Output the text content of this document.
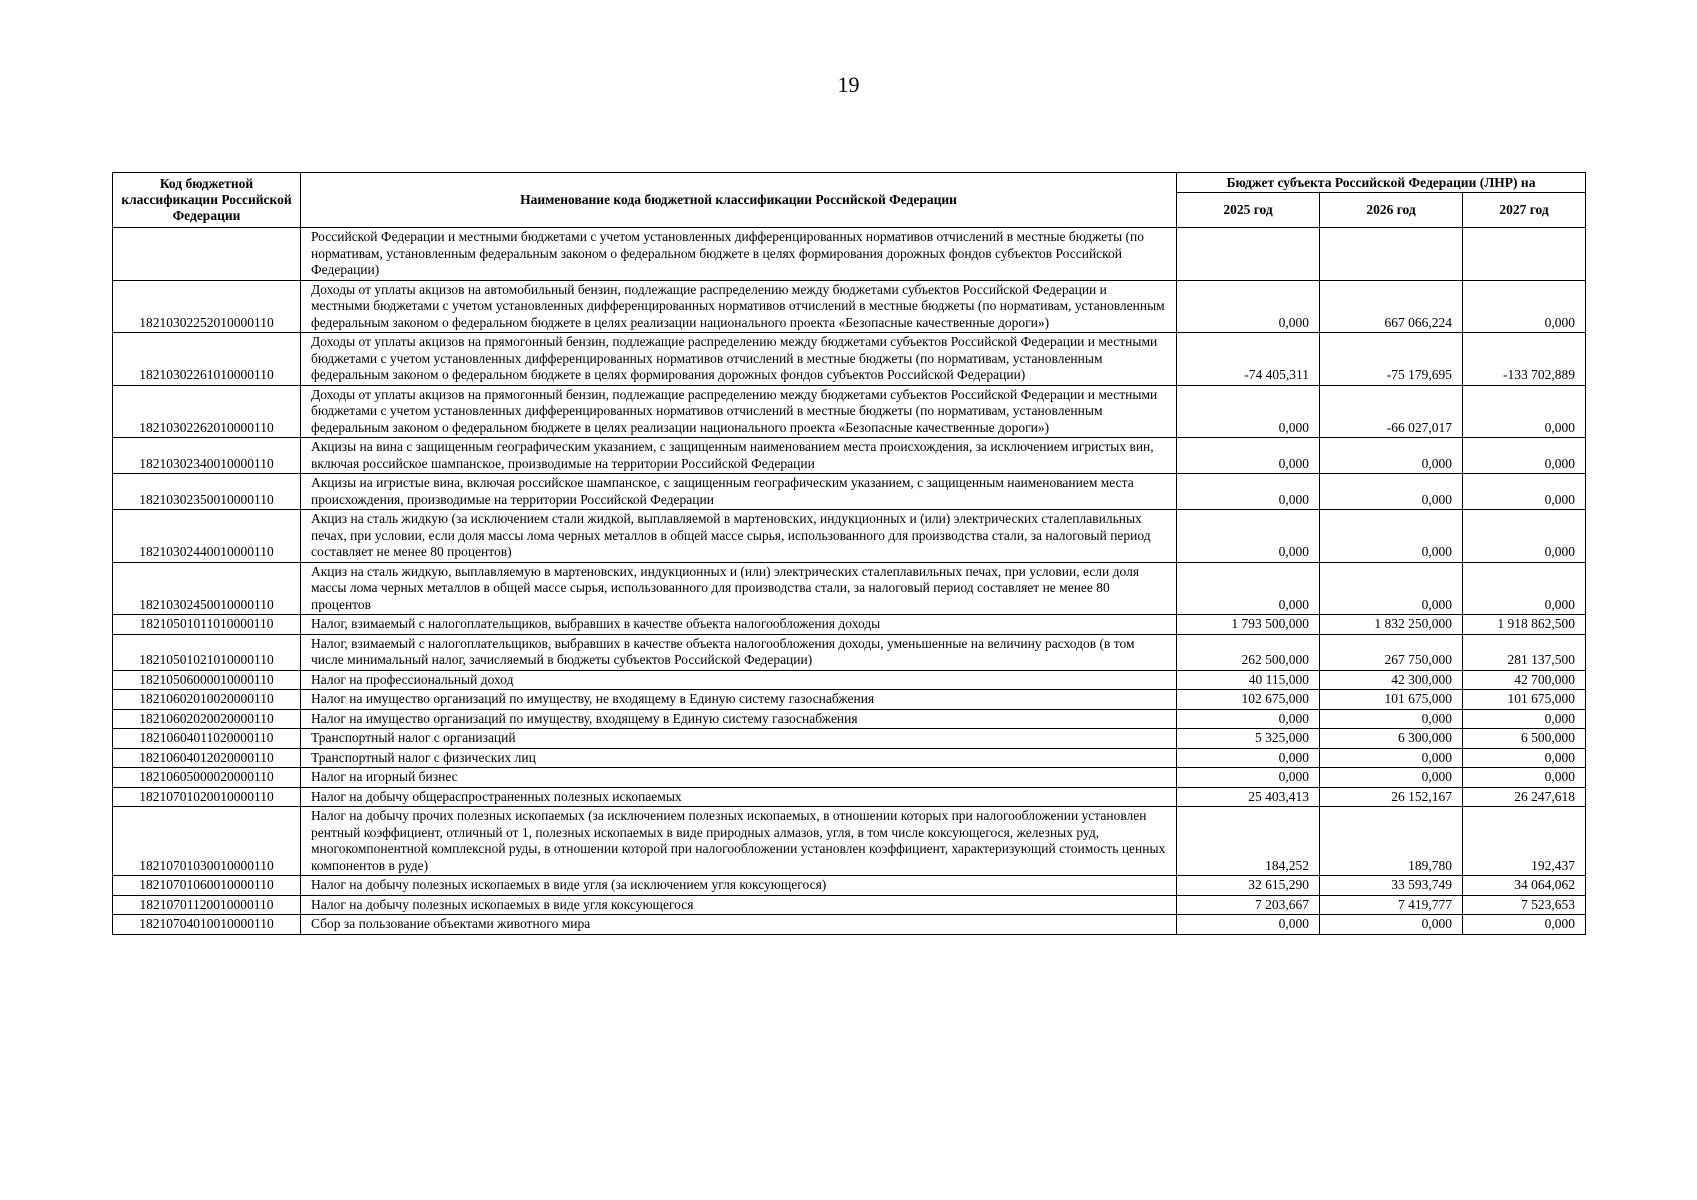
19
Код бюджетной классификации Российской Федерации	Наименование кода бюджетной классификации Российской Федерации	Бюджет субъекта Российской Федерации (ЛНР) на		
		2025 год	2026 год	2027 год
	Российской Федерации и местными бюджетами с учетом установленных дифференцированных нормативов отчислений в местные бюджеты (по нормативам, установленным федеральным законом о федеральном бюджете в целях формирования дорожных фондов субъектов Российской Федерации)			
18210302252010000110	Доходы от уплаты акцизов на автомобильный бензин, подлежащие распределению между бюджетами субъектов Российской Федерации и местными бюджетами с учетом установленных дифференцированных нормативов отчислений в местные бюджеты (по нормативам, установленным федеральным законом о федеральном бюджете в целях реализации национального проекта «Безопасные качественные дороги»)	0,000	667 066,224	0,000
18210302261010000110	Доходы от уплаты акцизов на прямогонный бензин, подлежащие распределению между бюджетами субъектов Российской Федерации и местными бюджетами с учетом установленных дифференцированных нормативов отчислений в местные бюджеты (по нормативам, установленным федеральным законом о федеральном бюджете в целях формирования дорожных фондов субъектов Российской Федерации)	-74 405,311	-75 179,695	-133 702,889
18210302262010000110	Доходы от уплаты акцизов на прямогонный бензин, подлежащие распределению между бюджетами субъектов Российской Федерации и местными бюджетами с учетом установленных дифференцированных нормативов отчислений в местные бюджеты (по нормативам, установленным федеральным законом о федеральном бюджете в целях реализации национального проекта «Безопасные качественные дороги»)	0,000	-66 027,017	0,000
18210302340010000110	Акцизы на вина с защищенным географическим указанием, с защищенным наименованием места происхождения, за исключением игристых вин, включая российское шампанское, производимые на территории Российской Федерации	0,000	0,000	0,000
18210302350010000110	Акцизы на игристые вина, включая российское шампанское, с защищенным географическим указанием, с защищенным наименованием места происхождения, производимые на территории Российской Федерации	0,000	0,000	0,000
18210302440010000110	Акциз на сталь жидкую (за исключением стали жидкой, выплавляемой в мартеновских, индукционных и (или) электрических сталеплавильных печах, при условии, если доля массы лома черных металлов в общей массе сырья, использованного для производства стали, за налоговый период составляет не менее 80 процентов)	0,000	0,000	0,000
18210302450010000110	Акциз на сталь жидкую, выплавляемую в мартеновских, индукционных и (или) электрических сталеплавильных печах, при условии, если доля массы лома черных металлов в общей массе сырья, использованного для производства стали, за налоговый период составляет не менее 80 процентов	0,000	0,000	0,000
18210501011010000110	Налог, взимаемый с налогоплательщиков, выбравших в качестве объекта налогообложения доходы	1 793 500,000	1 832 250,000	1 918 862,500
18210501021010000110	Налог, взимаемый с налогоплательщиков, выбравших в качестве объекта налогообложения доходы, уменьшенные на величину расходов (в том числе минимальный налог, зачисляемый в бюджеты субъектов Российской Федерации)	262 500,000	267 750,000	281 137,500
18210506000010000110	Налог на профессиональный доход	40 115,000	42 300,000	42 700,000
18210602010020000110	Налог на имущество организаций по имуществу, не входящему в Единую систему газоснабжения	102 675,000	101 675,000	101 675,000
18210602020020000110	Налог на имущество организаций по имуществу, входящему в Единую систему газоснабжения	0,000	0,000	0,000
18210604011020000110	Транспортный налог с организаций	5 325,000	6 300,000	6 500,000
18210604012020000110	Транспортный налог с физических лиц	0,000	0,000	0,000
18210605000020000110	Налог на игорный бизнес	0,000	0,000	0,000
18210701020010000110	Налог на добычу общераспространенных полезных ископаемых	25 403,413	26 152,167	26 247,618
18210701030010000110	Налог на добычу прочих полезных ископаемых (за исключением полезных ископаемых, в отношении которых при налогообложении установлен рентный коэффициент, отличный от 1, полезных ископаемых в виде природных алмазов, угля, в том числе коксующегося, железных руд, многокомпонентной комплексной руды, в отношении которой при налогообложении установлен коэффициент, характеризующий стоимость ценных компонентов в руде)	184,252	189,780	192,437
18210701060010000110	Налог на добычу полезных ископаемых в виде угля (за исключением угля коксующегося)	32 615,290	33 593,749	34 064,062
18210701120010000110	Налог на добычу полезных ископаемых в виде угля коксующегося	7 203,667	7 419,777	7 523,653
18210704010010000110	Сбор за пользование объектами животного мира	0,000	0,000	0,000
